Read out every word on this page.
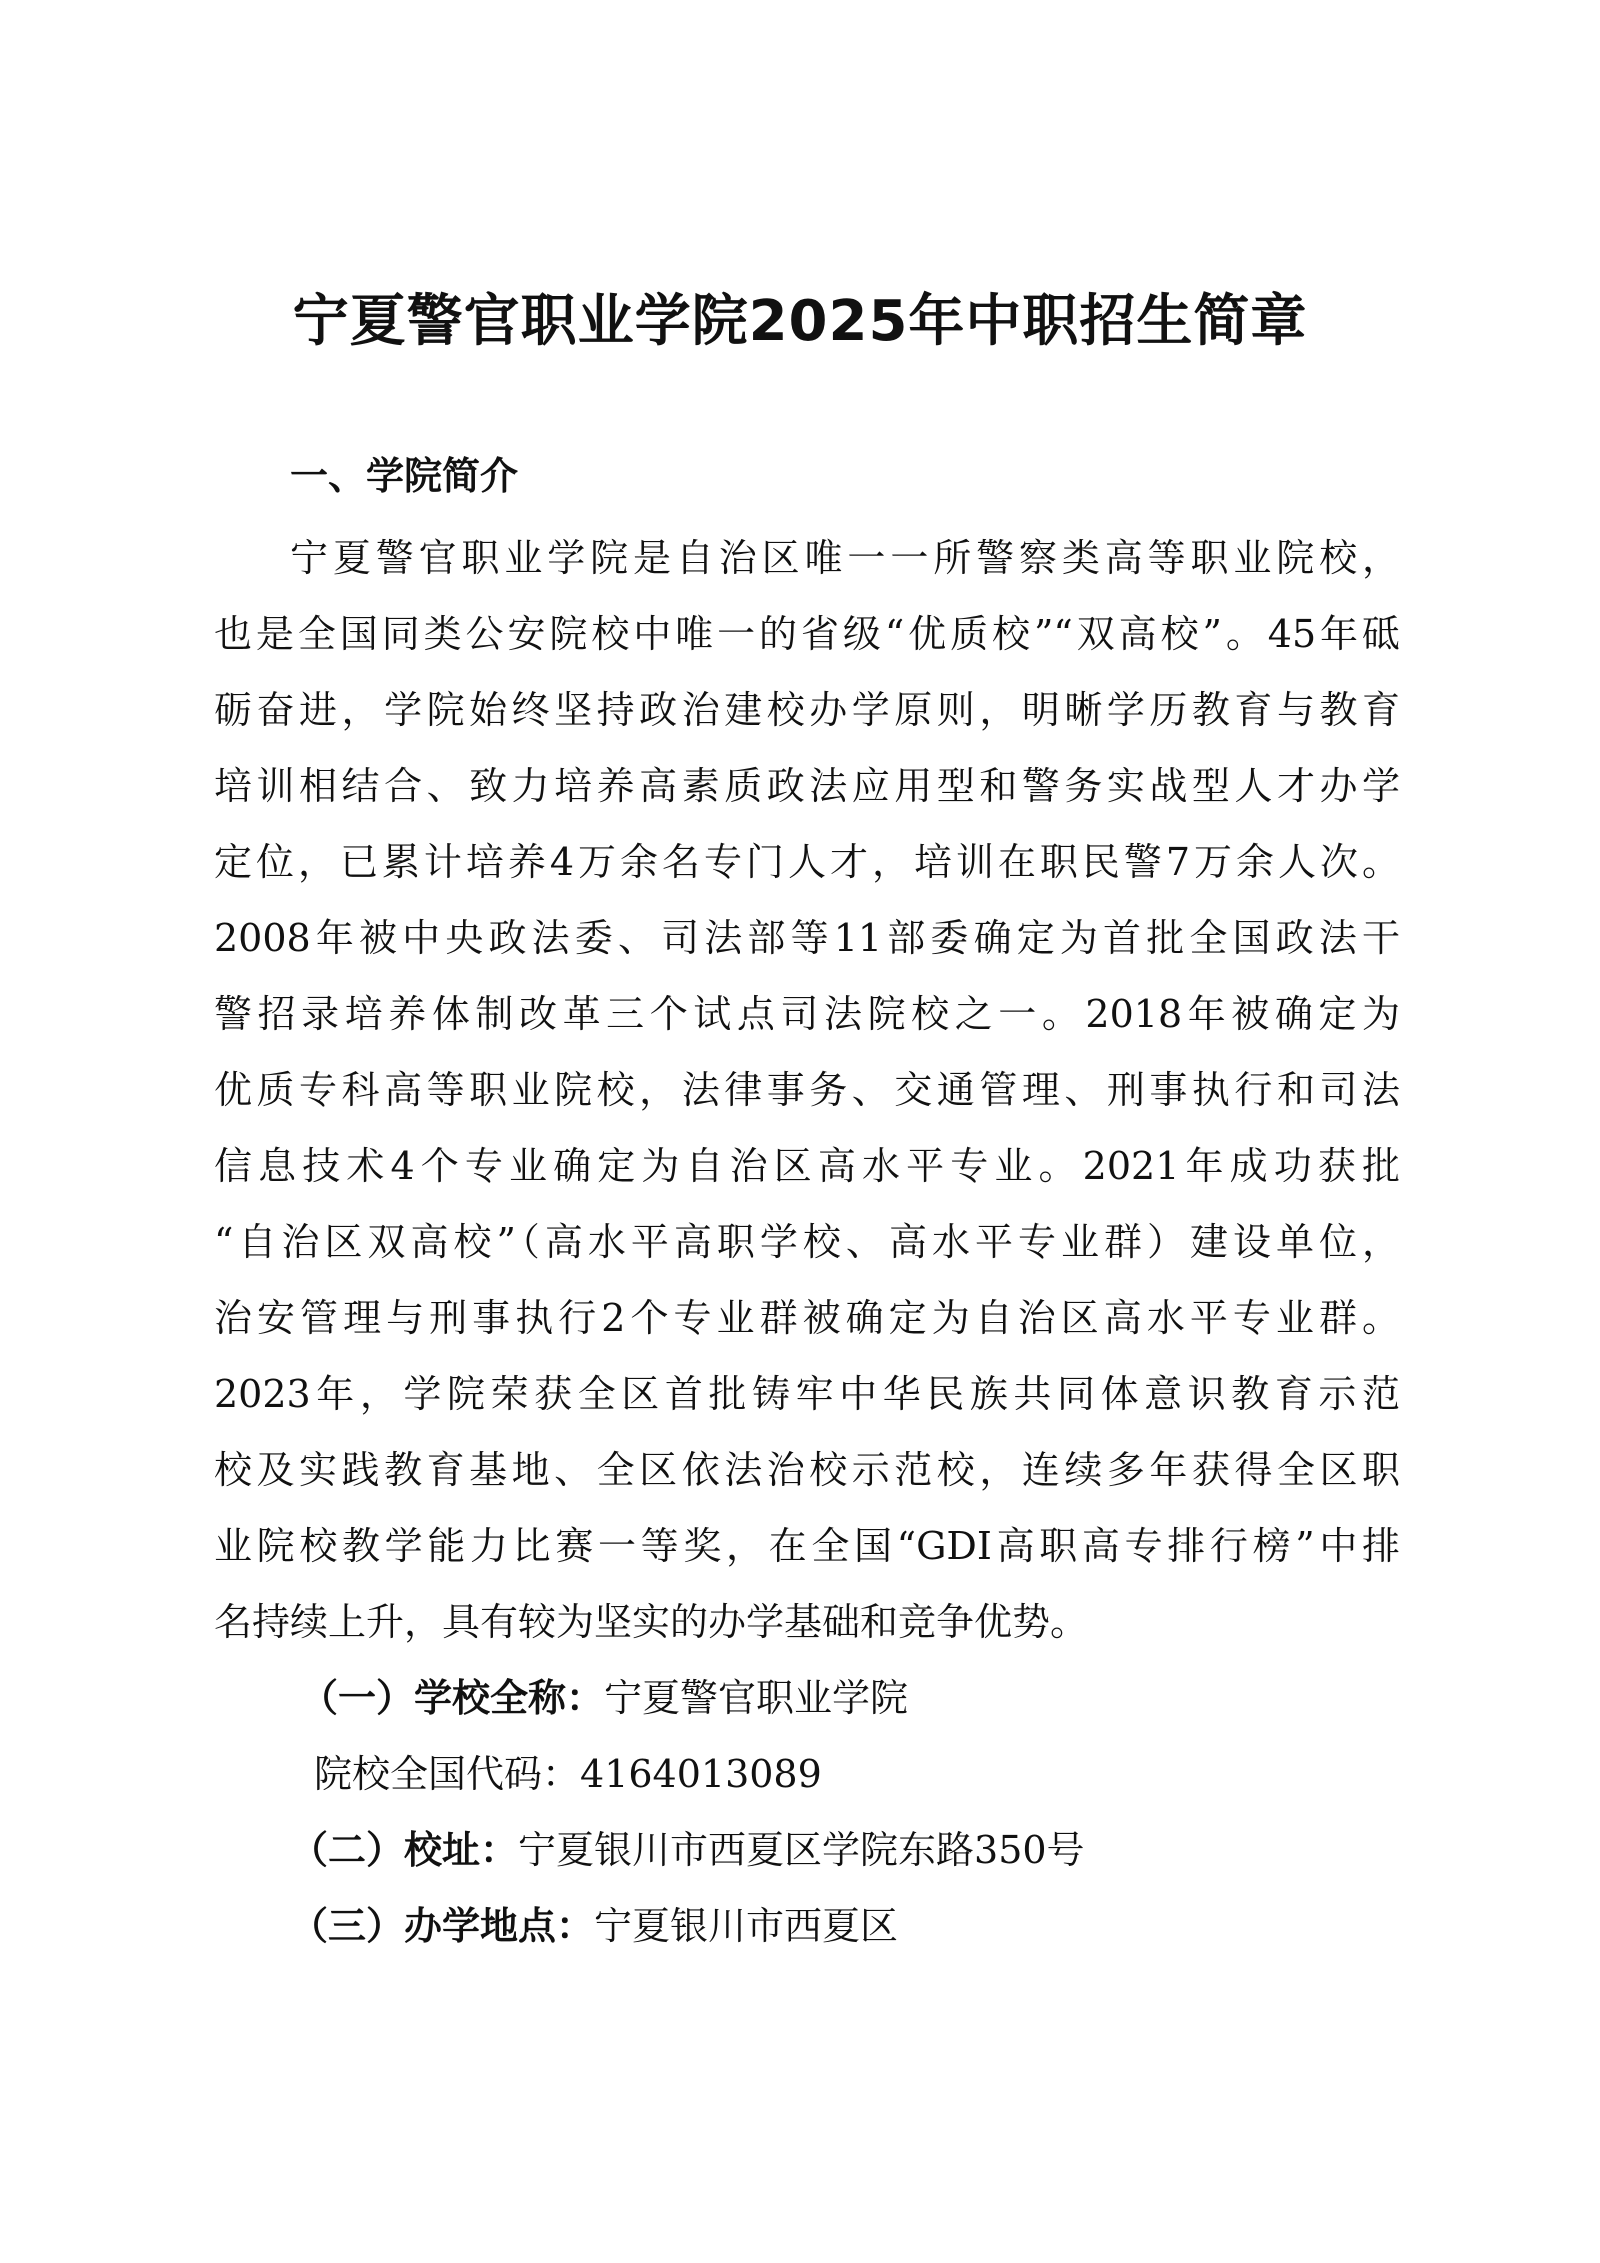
宁夏警官职业学院2025年中职招生简章
一、学院简介
宁夏警官职业学院是自治区唯一一所警察类高等职业院校，
也是全国同类公安院校中唯一的省级“优质校”“双高校”。45年砥
砺奋进，学院始终坚持政治建校办学原则，明晰学历教育与教育
培训相结合、致力培养高素质政法应用型和警务实战型人才办学
定位，已累计培养4万余名专门人才，培训在职民警7万余人次。
2008年被中央政法委、司法部等11部委确定为首批全国政法干
警招录培养体制改革三个试点司法院校之一。2018年被确定为
优质专科高等职业院校，法律事务、交通管理、刑事执行和司法
信息技术4个专业确定为自治区高水平专业。2021年成功获批
“自治区双高校”（高水平高职学校、高水平专业群）建设单位，
治安管理与刑事执行2个专业群被确定为自治区高水平专业群。
2023年，学院荣获全区首批铸牢中华民族共同体意识教育示范
校及实践教育基地、全区依法治校示范校，连续多年获得全区职
业院校教学能力比赛一等奖，在全国“GDI高职高专排行榜”中排
名持续上升，具有较为坚实的办学基础和竞争优势。
（一）学校全称：宁夏警官职业学院
院校全国代码：4164013089
（二）校址：宁夏银川市西夏区学院东路350号
（三）办学地点：宁夏银川市西夏区
